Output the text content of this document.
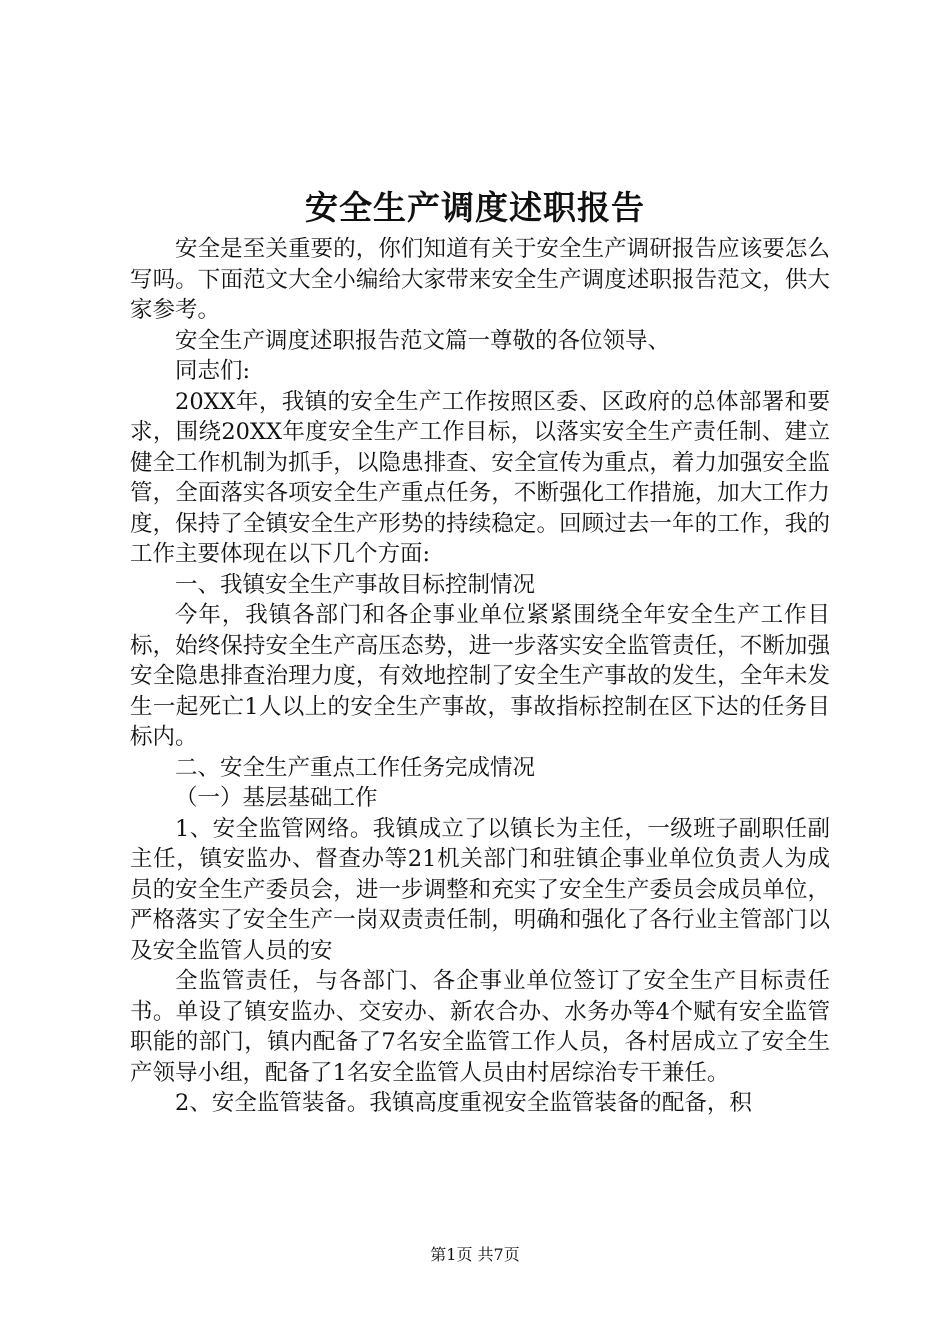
安全生产调度述职报告

安全是至关重要的，你们知道有关于安全生产调研报告应该要怎么写吗。下面范文大全小编给大家带来安全生产调度述职报告范文，供大家参考。

安全生产调度述职报告范文篇一尊敬的各位领导、

同志们:

20XX年，我镇的安全生产工作按照区委、区政府的总体部署和要求，围绕20XX年度安全生产工作目标，以落实安全生产责任制、建立健全工作机制为抓手，以隐患排查、安全宣传为重点，着力加强安全监管，全面落实各项安全生产重点任务，不断强化工作措施，加大工作力度，保持了全镇安全生产形势的持续稳定。回顾过去一年的工作，我的工作主要体现在以下几个方面:

一、我镇安全生产事故目标控制情况

今年，我镇各部门和各企事业单位紧紧围绕全年安全生产工作目标，始终保持安全生产高压态势，进一步落实安全监管责任，不断加强安全隐患排查治理力度，有效地控制了安全生产事故的发生，全年未发生一起死亡1人以上的安全生产事故，事故指标控制在区下达的任务目标内。

二、安全生产重点工作任务完成情况

（一）基层基础工作

1、安全监管网络。我镇成立了以镇长为主任，一级班子副职任副主任，镇安监办、督查办等21机关部门和驻镇企事业单位负责人为成员的安全生产委员会，进一步调整和充实了安全生产委员会成员单位，严格落实了安全生产一岗双责责任制，明确和强化了各行业主管部门以及安全监管人员的安

全监管责任，与各部门、各企事业单位签订了安全生产目标责任书。单设了镇安监办、交安办、新农合办、水务办等4个赋有安全监管职能的部门，镇内配备了7名安全监管工作人员，各村居成立了安全生产领导小组，配备了1名安全监管人员由村居综治专干兼任。

2、安全监管装备。我镇高度重视安全监管装备的配备，积

第1页 共7页
